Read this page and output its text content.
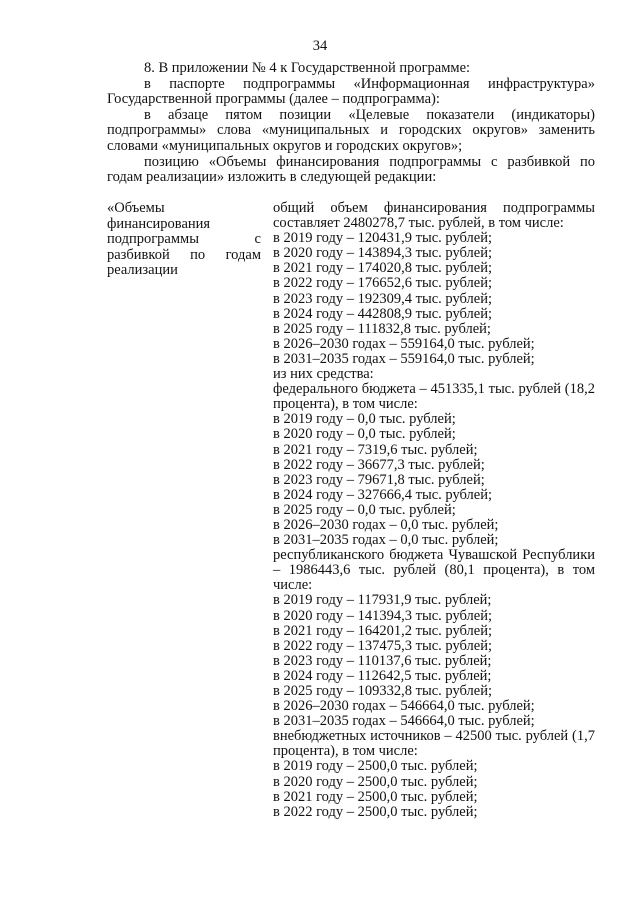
34

8. В приложении № 4 к Государственной программе:

в паспорте подпрограммы «Информационная инфраструктура» Государственной программы (далее – подпрограмма):

в абзаце пятом позиции «Целевые показатели (индикаторы) подпрограммы» слова «муниципальных и городских округов» заменить словами «муниципальных округов и городских округов»;

позицию «Объемы финансирования подпрограммы с разбивкой по годам реализации» изложить в следующей редакции:

«Объемы финансирования подпрограммы с разбивкой по годам реализации
общий объем финансирования подпрограммы составляет 2480278,7 тыс. рублей, в том числе:
в 2019 году – 120431,9 тыс. рублей;
в 2020 году – 143894,3 тыс. рублей;
в 2021 году – 174020,8 тыс. рублей;
в 2022 году – 176652,6 тыс. рублей;
в 2023 году – 192309,4 тыс. рублей;
в 2024 году – 442808,9 тыс. рублей;
в 2025 году – 111832,8 тыс. рублей;
в 2026–2030 годах – 559164,0 тыс. рублей;
в 2031–2035 годах – 559164,0 тыс. рублей;
из них средства:
федерального бюджета – 451335,1 тыс. рублей (18,2 процента), в том числе:
в 2019 году – 0,0 тыс. рублей;
в 2020 году – 0,0 тыс. рублей;
в 2021 году – 7319,6 тыс. рублей;
в 2022 году – 36677,3 тыс. рублей;
в 2023 году – 79671,8 тыс. рублей;
в 2024 году – 327666,4 тыс. рублей;
в 2025 году – 0,0 тыс. рублей;
в 2026–2030 годах – 0,0 тыс. рублей;
в 2031–2035 годах – 0,0 тыс. рублей;
республиканского бюджета Чувашской Республики – 1986443,6 тыс. рублей (80,1 процента), в том числе:
в 2019 году – 117931,9 тыс. рублей;
в 2020 году – 141394,3 тыс. рублей;
в 2021 году – 164201,2 тыс. рублей;
в 2022 году – 137475,3 тыс. рублей;
в 2023 году – 110137,6 тыс. рублей;
в 2024 году – 112642,5 тыс. рублей;
в 2025 году – 109332,8 тыс. рублей;
в 2026–2030 годах – 546664,0 тыс. рублей;
в 2031–2035 годах – 546664,0 тыс. рублей;
внебюджетных источников – 42500 тыс. рублей (1,7 процента), в том числе:
в 2019 году – 2500,0 тыс. рублей;
в 2020 году – 2500,0 тыс. рублей;
в 2021 году – 2500,0 тыс. рублей;
в 2022 году – 2500,0 тыс. рублей;
